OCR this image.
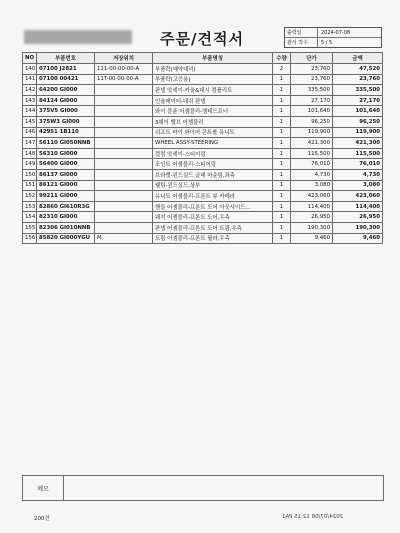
주문/견적서	출력일	2024-07-08
관서 작수	5 / 5
NO	부품번호	저장위치	부품명칭	수량	단가	금액
140	07100 J2821	111-00-00-00-A	부품락(예약대리)	2	23,760	47,520
141	07100 00421	11T-00-00-00-A	부품락(고증용)	1	23,760	23,760
142	64200 GI000		판넬 앗세이-카울&대시 컴플리트	1	335,500	335,500
143	84124 GI000		인슐레이터-대쉬 판넬	1	27,170	27,170
144	375V5 GI000		와이 블푼 어셈블리-엠테드프너	1	101,640	101,640
145	375W3 GI000		3웨이 밸브 어셈블리	1	96,250	96,250
146	42951 1B110		쉬프트 바이 와이어 콘트롤 유니트	1	119,900	119,900
147	56110 GI050NNB		WHEEL ASSY-STEERING	1	421,300	421,300
148	56310 GI000		컬럼 앗세이-스티어링	1	115,500	115,500
149	56400 GI000		조인트 어셈블리-스티어링	1	76,010	76,010
150	86137 GI000		브라켓-윈드실드 글래 마운팅,좌측	1	4,730	4,730
151	86121 GI000		웰팅-윈드실드,상부	1	3,080	3,080
152	99211 GI000		유니트 어셈블리-프론트 뷰 카메라	1	423,060	423,060
153	82860 GI610R3G		핸들 어셈블리-프론트 도어 아웃사이드...	1	114,400	114,400
154	82310 GI000		웨지 어셈블리-프론트 도어,우측	1	26,950	26,950
155	82306 GI010NNB		판넬 어셈블리-프론트 도어 트림,우측	1	190,300	190,300
156	85820 GI000YGU	M	트림 어셈블리-프론트 필라,우측	1	9,460	9,460
메모
200건	2024/07/08 12:15 PA1
